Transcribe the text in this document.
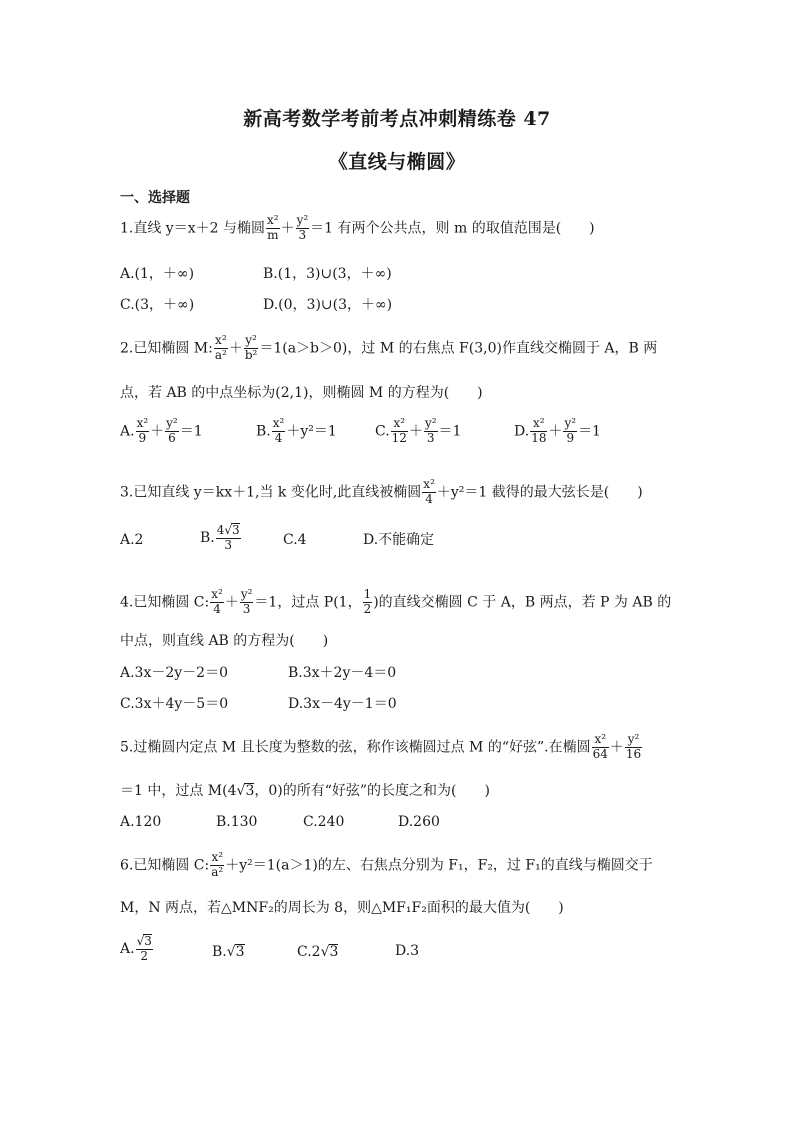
新高考数学考前考点冲刺精练卷 47
《直线与椭圆》
一、选择题
1.直线 y＝x＋2 与椭圆 $\frac{\text{x²}}{m} + \frac{\text{y²}}{3} =1$ 有两个公共点，则 m 的取值范围是(　　)
A.(1，＋∞)	B.(1，3)∪(3，＋∞)
C.(3，＋∞)	D.(0，3)∪(3，＋∞)
2.已知椭圆 M: $\frac{\text{x²}}{\text{a²}} + \frac{\text{y²}}{\text{b²}} =1(a>b>0)$，过 M 的右焦点 F(3,0)作直线交椭圆于 A，B 两
点，若 AB 的中点坐标为(2,1)，则椭圆 M 的方程为(　　)
A. $\frac{\text{x²}}{9} + \frac{\text{y²}}{6} =1$	B. $\frac{\text{x²}}{4} +y^2=1$	C. $\frac{\text{x²}}{12} + \frac{\text{y²}}{3} =1$	D. $\frac{\text{x²}}{18} + \frac{\text{y²}}{9} =1$
3.已知直线 y＝kx＋1,当 k 变化时,此直线被椭圆 $\frac{\text{x²}}{4} +y^2=1$ 截得的最大弦长是(　　)
A.2	B. $\frac{4√3}{3}$	C.4	D.不能确定
4.已知椭圆 C: $\frac{\text{x²}}{4} + \frac{\text{y²}}{3} =1$，过点 P(1， $\frac{1}{2}$ )的直线交椭圆 C 于 A，B 两点，若 P 为 AB 的
中点，则直线 AB 的方程为(　　)
A.3x－2y－2＝0	B.3x＋2y－4＝0
C.3x＋4y－5＝0	D.3x－4y－1＝0
5.过椭圆内定点 M 且长度为整数的弦，称作该椭圆过点 M 的“好弦”.在椭圆 $\frac{\text{x²}}{64} + \frac{\text{y²}}{16}$
＝1 中，过点 M(4√3，0)的所有“好弦”的长度之和为(　　)
A.120	B.130	C.240	D.260
6.已知椭圆 C: $\frac{\text{x²}}{\text{a²}} +y^2=1(a>1)$的左、右焦点分别为 F₁，F₂，过 F₁的直线与椭圆交于
M，N 两点，若△MNF₂的周长为 8，则△MF₁F₂面积的最大值为(　　)
A. $\frac{√3}{2}$	B.√3	C.2√3	D.3
